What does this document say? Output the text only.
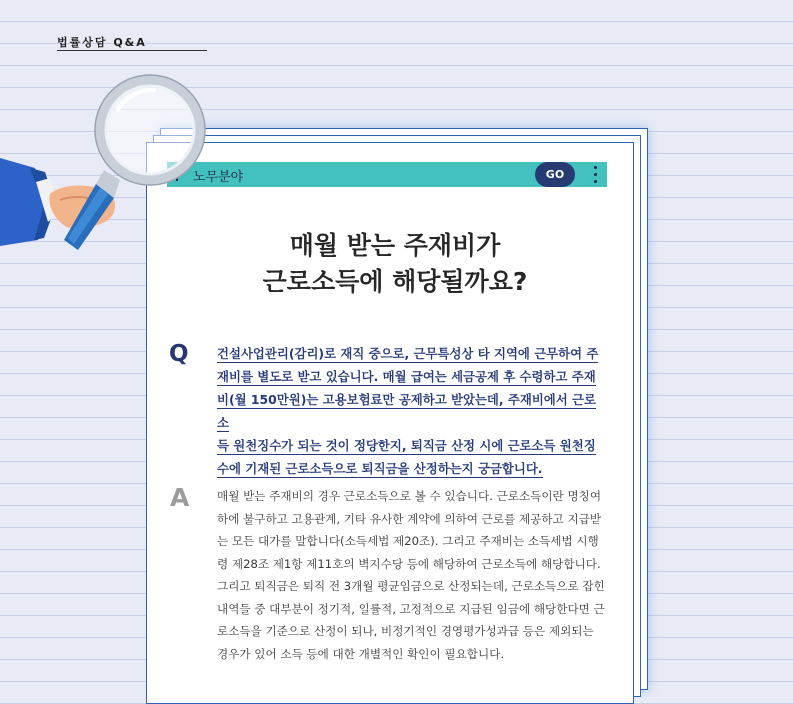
법률상담 Q&A
노무분야	GO
매월 받는 주재비가
근로소득에 해당될까요?
Q 건설사업관리(감리)로 재직 중으로, 근무특성상 타 지역에 근무하여 주
재비를 별도로 받고 있습니다. 매월 급여는 세금공제 후 수령하고 주재
비(월 150만원)는 고용보험료만 공제하고 받았는데, 주재비에서 근로소
득 원천징수가 되는 것이 정당한지, 퇴직금 산정 시에 근로소득 원천징
수에 기재된 근로소득으로 퇴직금을 산정하는지 궁금합니다.
A 매월 받는 주재비의 경우 근로소득으로 볼 수 있습니다. 근로소득이란 명칭여하에 불구하고 고용관계, 기타 유사한 계약에 의하여 근로를 제공하고 지급받는 모든 대가를 말합니다(소득세법 제20조). 그리고 주재비는 소득세법 시행령 제28조 제1항 제11호의 벽지수당 등에 해당하여 근로소득에 해당합니다. 그리고 퇴직금은 퇴직 전 3개월 평균임금으로 산정되는데, 근로소득으로 잡힌 내역들 중 대부분이 정기적, 일률적, 고정적으로 지급된 임금에 해당한다면 근로소득을 기준으로 산정이 되나, 비정기적인 경영평가성과급 등은 제외되는 경우가 있어 소득 등에 대한 개별적인 확인이 필요합니다.
